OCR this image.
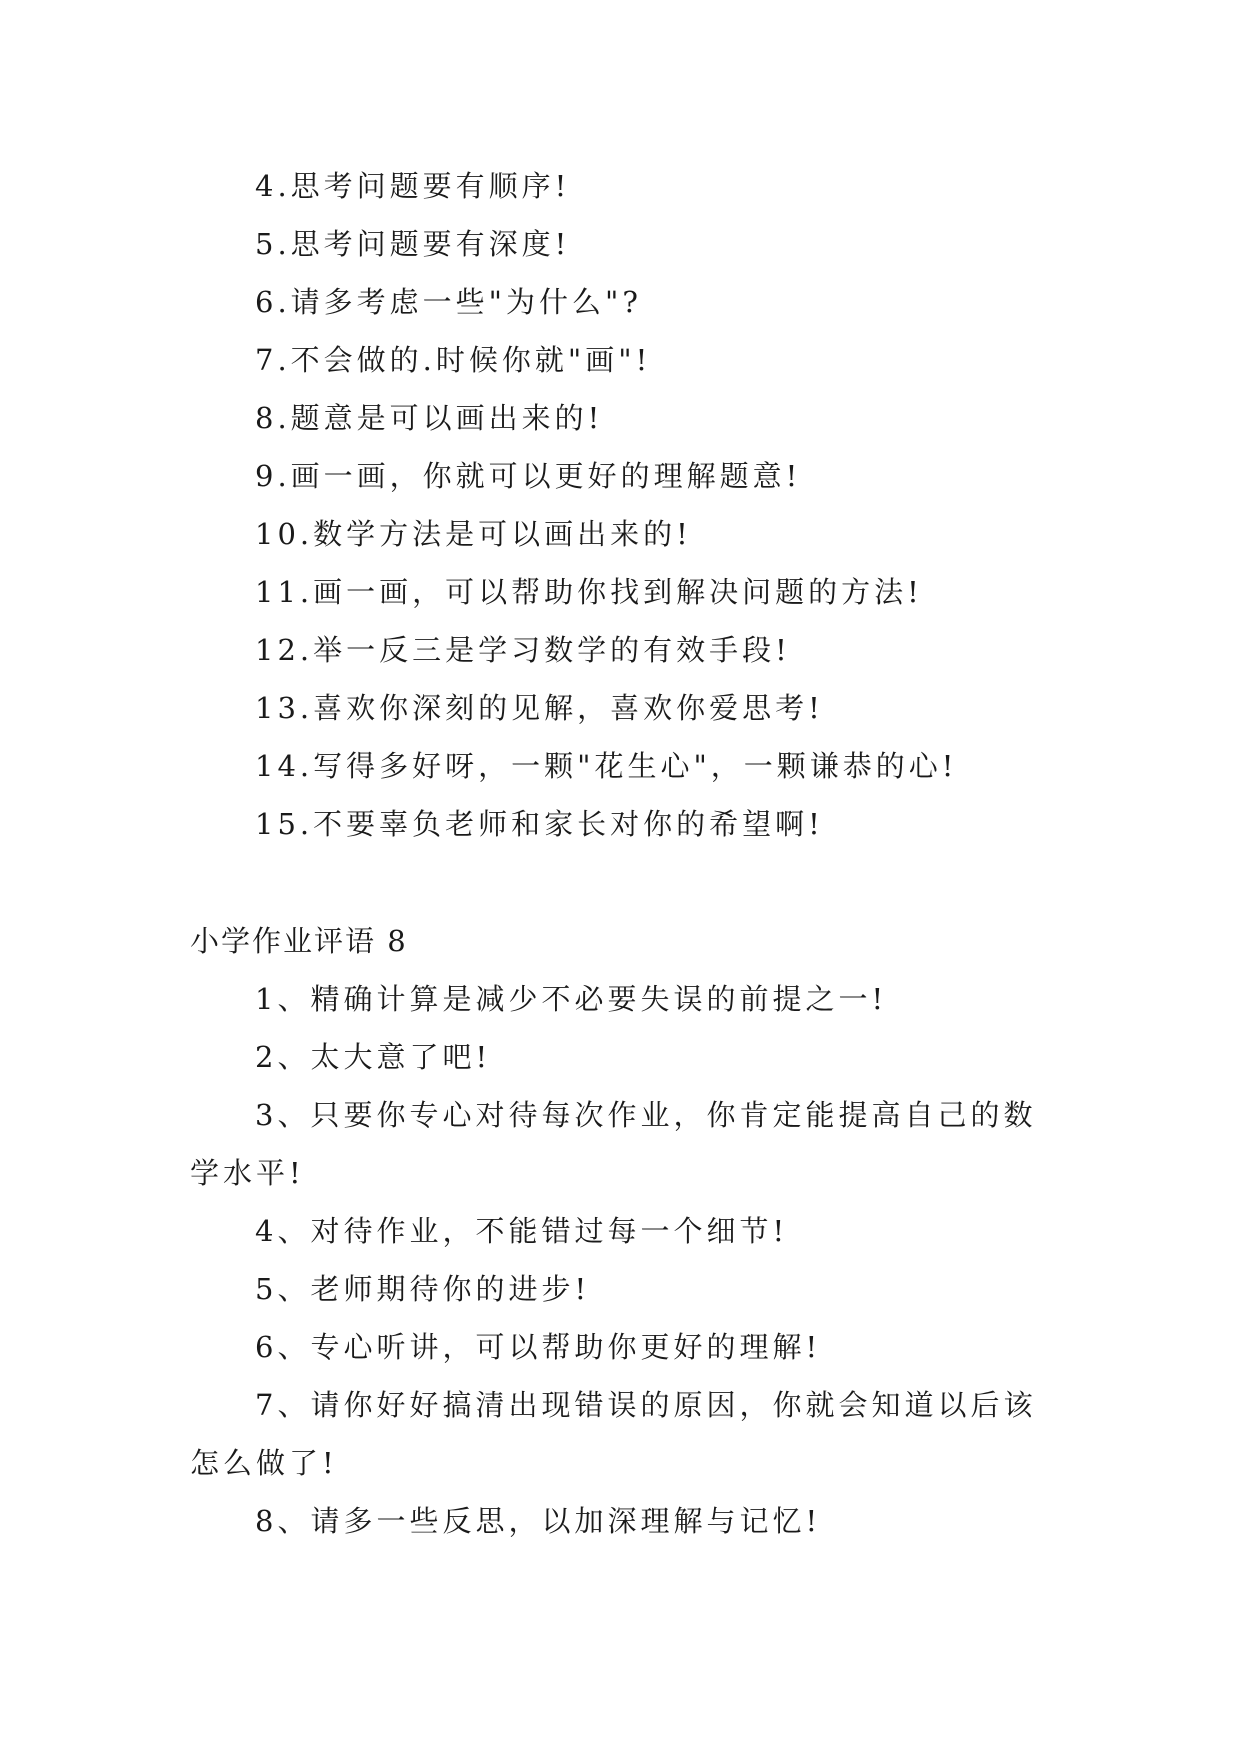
4.思考问题要有顺序!
5.思考问题要有深度!
6.请多考虑一些"为什么"?
7.不会做的.时候你就"画"!
8.题意是可以画出来的!
9.画一画，你就可以更好的理解题意!
10.数学方法是可以画出来的!
11.画一画，可以帮助你找到解决问题的方法!
12.举一反三是学习数学的有效手段!
13.喜欢你深刻的见解，喜欢你爱思考!
14.写得多好呀，一颗"花生心"，一颗谦恭的心!
15.不要辜负老师和家长对你的希望啊!
小学作业评语 8
1、精确计算是减少不必要失误的前提之一!
2、太大意了吧!
3、只要你专心对待每次作业，你肯定能提高自己的数
学水平!
4、对待作业，不能错过每一个细节!
5、老师期待你的进步!
6、专心听讲，可以帮助你更好的理解!
7、请你好好搞清出现错误的原因，你就会知道以后该
怎么做了!
8、请多一些反思，以加深理解与记忆!
